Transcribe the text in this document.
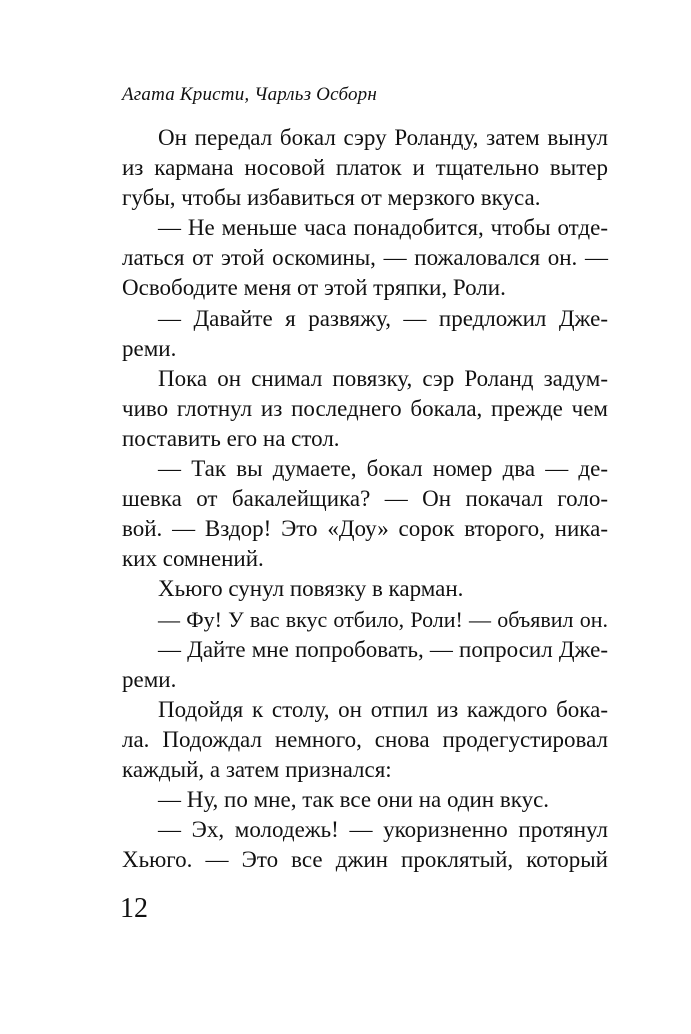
Агата Кристи, Чарльз Осборн
Он передал бокал сэру Роланду, затем вынул
из кармана носовой платок и тщательно вытер
губы, чтобы избавиться от мерзкого вкуса.
— Не меньше часа понадобится, чтобы отде-
латься от этой оскомины, — пожаловался он. —
Освободите меня от этой тряпки, Роли.
— Давайте я развяжу, — предложил Дже-
реми.
Пока он снимал повязку, сэр Роланд задум-
чиво глотнул из последнего бокала, прежде чем
поставить его на стол.
— Так вы думаете, бокал номер два — де-
шевка от бакалейщика? — Он покачал голо-
вой. — Вздор! Это «Доу» сорок второго, ника-
ких сомнений.
Хьюго сунул повязку в карман.
— Фу! У вас вкус отбило, Роли! — объявил он.
— Дайте мне попробовать, — попросил Дже-
реми.
Подойдя к столу, он отпил из каждого бока-
ла. Подождал немного, снова продегустировал
каждый, а затем признался:
— Ну, по мне, так все они на один вкус.
— Эх, молодежь! — укоризненно протянул
Хьюго. — Это все джин проклятый, который
12
